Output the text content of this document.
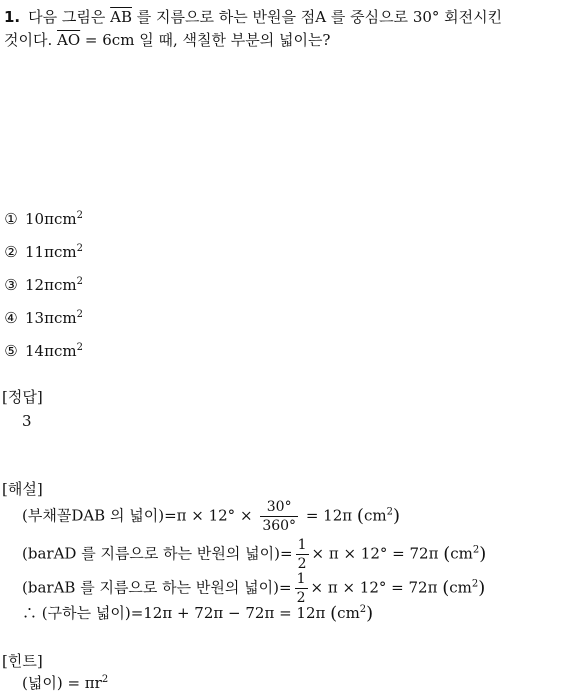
1. 다음 그림은 $\overline{AB}$ 를 지름으로 하는 반원을 점A 를 중심으로 30° 회전시킨
것이다. $\overline{AO} = 6cm$ 일 때, 색칠한 부분의 넓이는?
① 10πcm$^2$
② 11πcm$^2$
③ 12πcm$^2$
④ 13πcm$^2$
⑤ 14πcm$^2$
[정답]
3
[해설]
(부채꼴DAB 의 넓이)$=\pi \times 12^\circ \times \frac{30^\circ}{360^\circ} = 12\pi$ $(cm^2)$
(barAD 를 지름으로 하는 반원의 넓이)= $\frac{1}{2} \times \pi \times 12^\circ = 72\pi$ $(cm^2)$
(barAB 를 지름으로 하는 반원의 넓이)= $\frac{1}{2} \times \pi \times 12^\circ = 72\pi$ $(cm^2)$
∴ (구하는 넓이)=12π + 72π − 72π = 12π $(cm^2)$
[힌트]
(넓이) = $\pi r^2$
